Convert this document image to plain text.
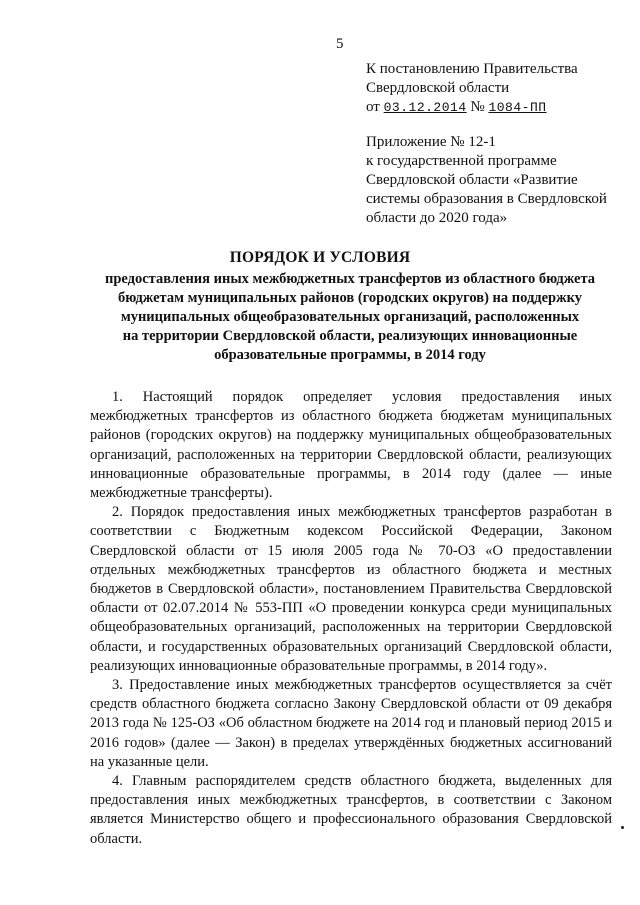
5
К постановлению Правительства
Свердловской области
от 03.12.2014 № 1084-ПП
Приложение № 12-1
к государственной программе
Свердловской области «Развитие
системы образования в Свердловской
области до 2020 года»
ПОРЯДОК И УСЛОВИЯ
предоставления иных межбюджетных трансфертов из областного бюджета
бюджетам муниципальных районов (городских округов) на поддержку
муниципальных общеобразовательных организаций, расположенных
на территории Свердловской области, реализующих инновационные
образовательные программы, в 2014 году

1. Настоящий порядок определяет условия предоставления иных межбюджетных трансфертов из областного бюджета бюджетам муниципальных районов (городских округов) на поддержку муниципальных общеобразовательных организаций, расположенных на территории Свердловской области, реализующих инновационные образовательные программы, в 2014 году (далее — иные межбюджетные трансферты).

2. Порядок предоставления иных межбюджетных трансфертов разработан в соответствии с Бюджетным кодексом Российской Федерации, Законом Свердловской области от 15 июля 2005 года № 70-ОЗ «О предоставлении отдельных межбюджетных трансфертов из областного бюджета и местных бюджетов в Свердловской области», постановлением Правительства Свердловской области от 02.07.2014 № 553-ПП «О проведении конкурса среди муниципальных общеобразовательных организаций, расположенных на территории Свердловской области, и государственных образовательных организаций Свердловской области, реализующих инновационные образовательные программы, в 2014 году».

3. Предоставление иных межбюджетных трансфертов осуществляется за счёт средств областного бюджета согласно Закону Свердловской области от 09 декабря 2013 года № 125-ОЗ «Об областном бюджете на 2014 год и плановый период 2015 и 2016 годов» (далее — Закон) в пределах утверждённых бюджетных ассигнований на указанные цели.

4. Главным распорядителем средств областного бюджета, выделенных для предоставления иных межбюджетных трансфертов, в соответствии с Законом является Министерство общего и профессионального образования Свердловской области.
